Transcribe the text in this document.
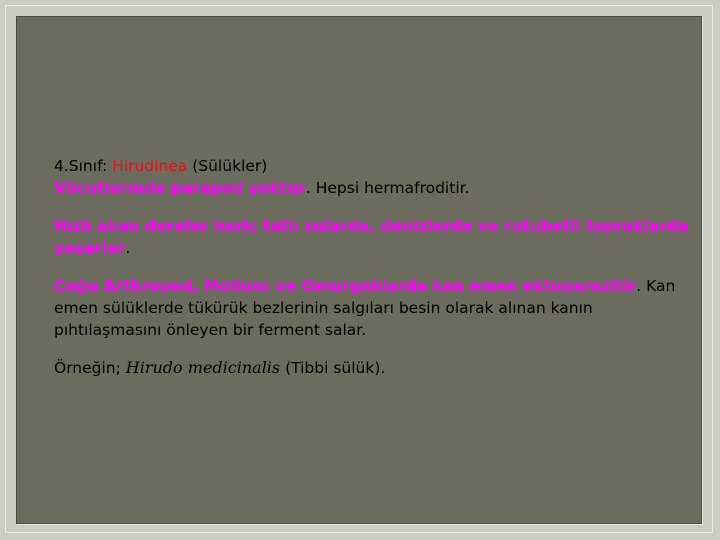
4.Sınıf: Hirudinea (Sülükler)

Vücutlarında parapod yoktur. Hepsi hermafroditir.

Hızlı akan dereler hariç tatlı sularda, denizlerde ve rutubetli topraklarda yaşarlar.

Çoğu Arthropod, Mollusc ve Omurgalılarda kan emen ektoparazitir. Kan emen sülüklerde tükürük bezlerinin salgıları besin olarak alınan kanın pıhtılaşmasını önleyen bir ferment salar.

Örneğin; Hirudo medicinalis (Tibbi sülük).
